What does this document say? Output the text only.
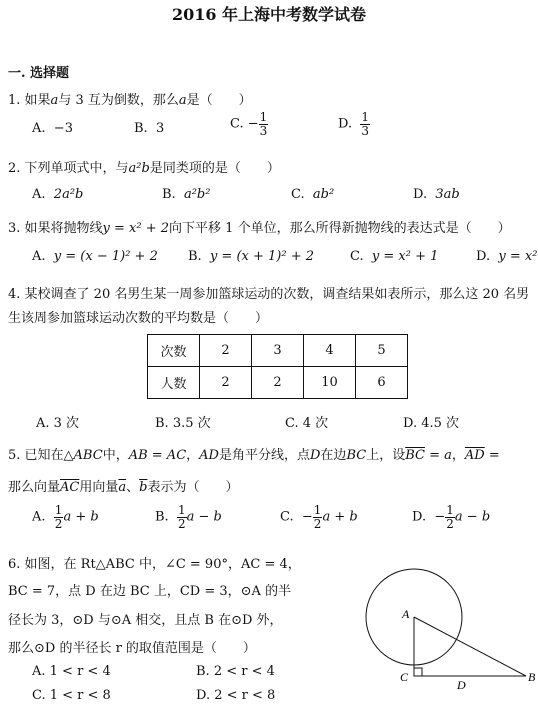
2016 年上海中考数学试卷
一. 选择题
1. 如果a与 3 互为倒数，那么a是（　　）
A. −3	B. 3	C. − $\frac{1}{3}$	D. $\frac{1}{3}$
2. 下列单项式中，与a²b是同类项的是（　　）
A. 2a²b	B. a²b²	C. ab²	D. 3ab
3. 如果将抛物线y = x² + 2向下平移 1 个单位，那么所得新抛物线的表达式是（　　）
A. y = (x − 1)² + 2 B. y = (x + 1)² + 2	C. y = x² + 1	D. y = x²
4. 某校调查了 20 名男生某一周参加篮球运动的次数，调查结果如表所示，那么这 20 名男
生该周参加篮球运动次数的平均数是（　　）
次数	2	3	4	5
人数	2	2	10	6
A. 3 次	B. 3.5 次	C. 4 次	D. 4.5 次
5. 已知在△ABC中，AB = AC，AD是角平分线，点D在边BC上，设$\overline{BC} = a$，$\overline{AD}$ =
那么向量$\overline{AC}$用向量$\overline{a}$、$\overline{b}$表示为（　　）
A. $\frac{1}{2}$ a + b	B. $\frac{1}{2}$ a − b	C. − $\frac{1}{2}$ a + b	D. − $\frac{1}{2}$ a − b
6. 如图，在 Rt△ABC 中，∠C = 90°，AC = 4，
BC = 7，点 D 在边 BC 上，CD = 3，⊙A 的半
径长为 3，⊙D 与⊙A 相交，且点 B 在⊙D 外，
那么⊙D 的半径长 r 的取值范围是（　　）
A. 1 < r < 4	B. 2 < r < 4
C. 1 < r < 8	D. 2 < r < 8
A
C
D
B
